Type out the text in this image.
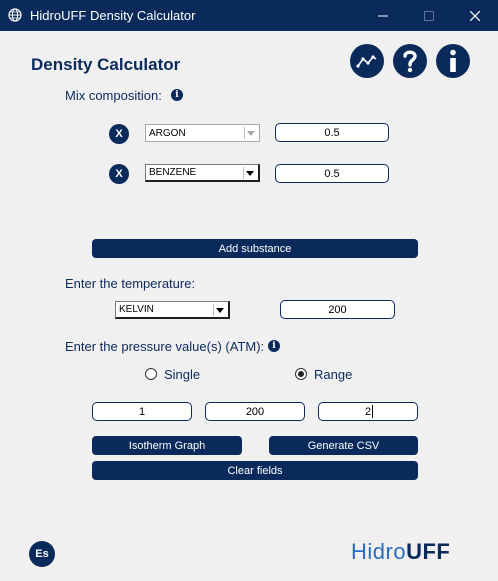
HidroUFF Density Calculator
Density Calculator
Mix composition:	i
X	ARGON	0.5
X	BENZENE	0.5
Add substance
Enter the temperature:
KELVIN	200
Enter the pressure value(s) (ATM): i
Single	Range
1	200	2
Isotherm Graph	Generate CSV
Clear fields
Es	HidroUFF
